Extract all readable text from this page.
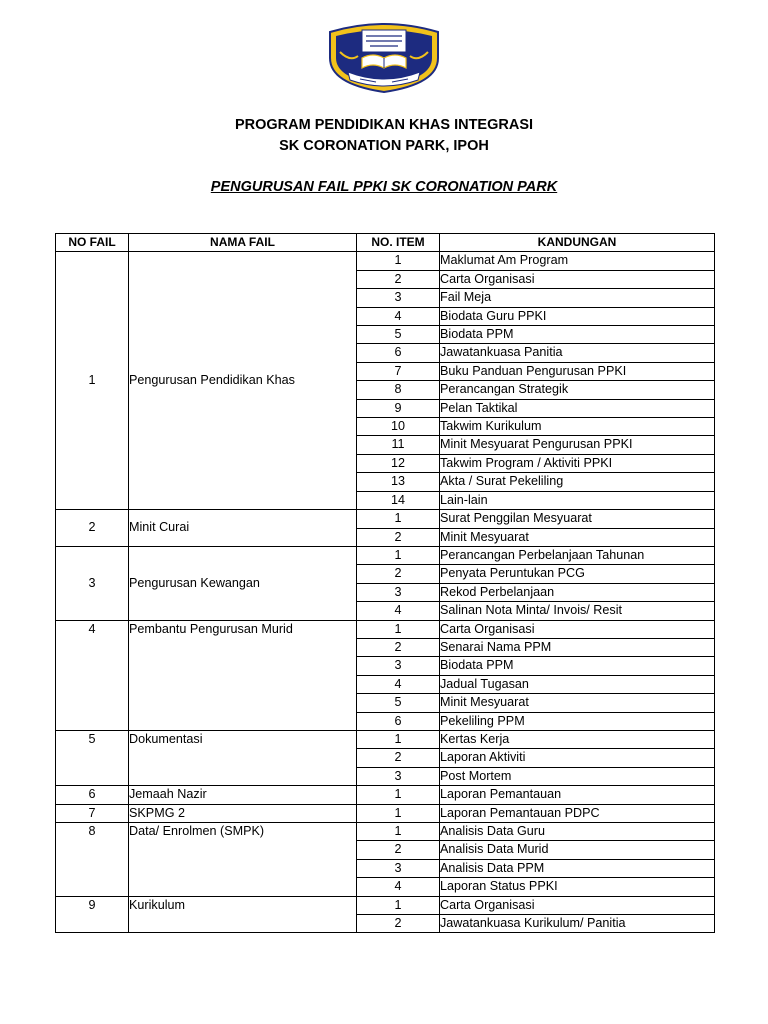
PROGRAM PENDIDIKAN KHAS INTEGRASI
SK CORONATION PARK, IPOH
PENGURUSAN FAIL PPKI SK CORONATION PARK
NO FAIL	NAMA FAIL	NO. ITEM	KANDUNGAN
1	Pengurusan Pendidikan Khas	1	Maklumat Am Program
		2	Carta Organisasi
		3	Fail Meja
		4	Biodata Guru PPKI
		5	Biodata PPM
		6	Jawatankuasa Panitia
		7	Buku Panduan Pengurusan PPKI
		8	Perancangan Strategik
		9	Pelan Taktikal
		10	Takwim Kurikulum
		11	Minit Mesyuarat Pengurusan PPKI
		12	Takwim Program / Aktiviti PPKI
		13	Akta / Surat Pekeliling
		14	Lain-lain
2	Minit Curai	1	Surat Penggilan Mesyuarat
		2	Minit Mesyuarat
3	Pengurusan Kewangan	1	Perancangan Perbelanjaan Tahunan
		2	Penyata Peruntukan PCG
		3	Rekod Perbelanjaan
		4	Salinan Nota Minta/ Invois/ Resit
4	Pembantu Pengurusan Murid	1	Carta Organisasi
		2	Senarai Nama PPM
		3	Biodata PPM
		4	Jadual Tugasan
		5	Minit Mesyuarat
		6	Pekeliling PPM
5	Dokumentasi	1	Kertas Kerja
		2	Laporan Aktiviti
		3	Post Mortem
6	Jemaah Nazir	1	Laporan Pemantauan
7	SKPMG 2	1	Laporan Pemantauan PDPC
8	Data/ Enrolmen (SMPK)	1	Analisis Data Guru
		2	Analisis Data Murid
		3	Analisis Data PPM
		4	Laporan Status PPKI
9	Kurikulum	1	Carta Organisasi
		2	Jawatankuasa Kurikulum/ Panitia
